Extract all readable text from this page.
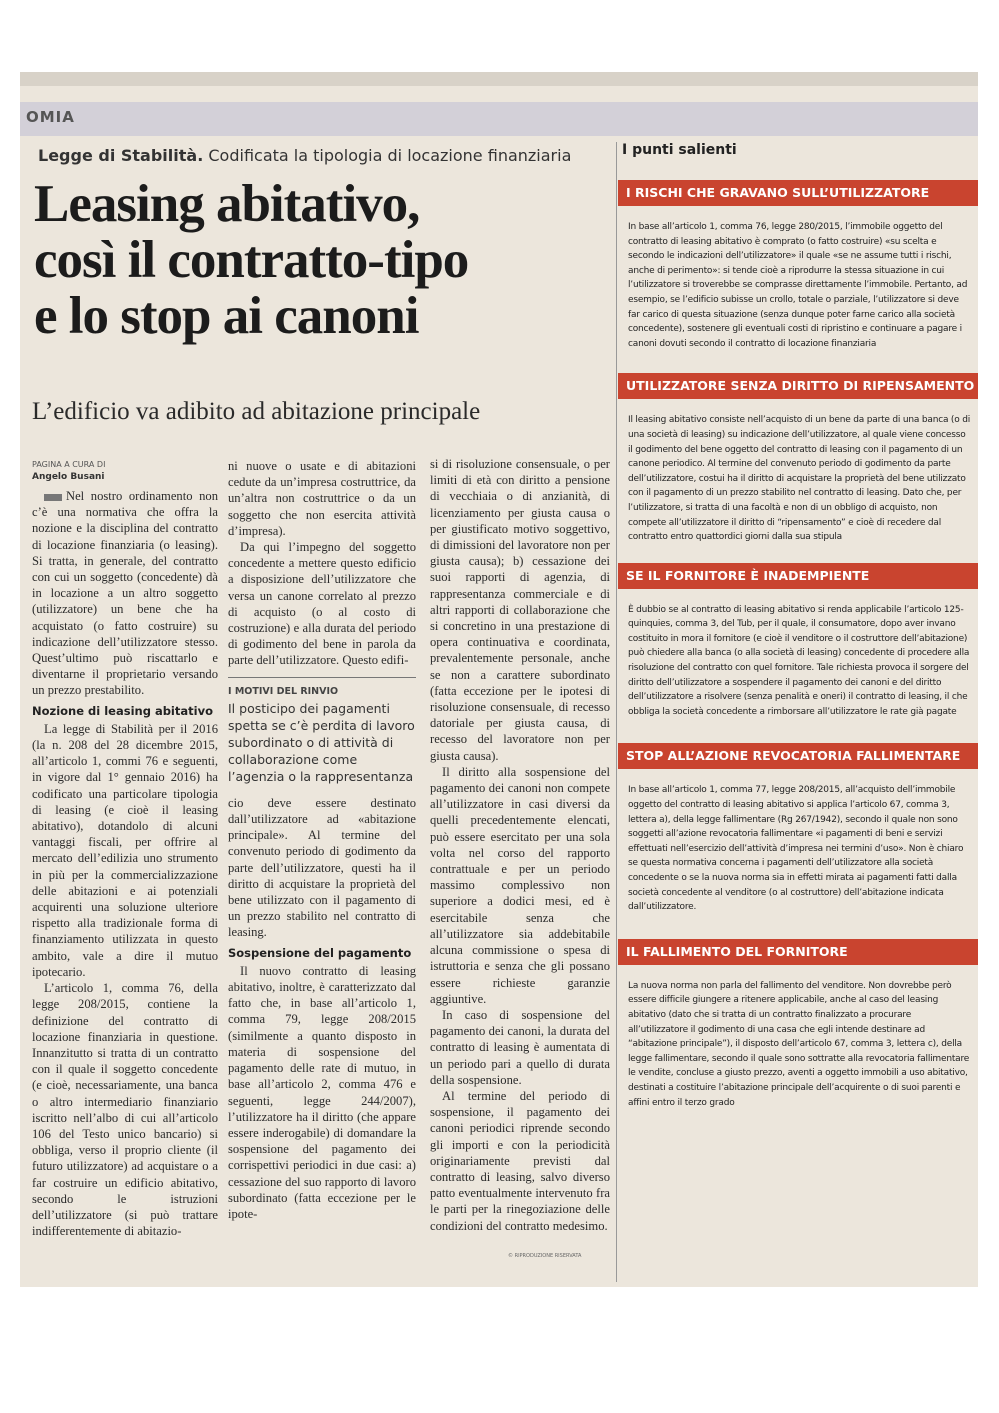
OMIA
Legge di Stabilità. Codificata la tipologia di locazione finanziaria
Leasing abitativo,
così il contratto-tipo
e lo stop ai canoni
L’edificio va adibito ad abitazione principale
PAGINA A CURA DI
Angelo Busani

Nel nostro ordinamento non c’è una normativa che offra la nozione e la disciplina del contratto di locazione finanziaria (o leasing). Si tratta, in generale, del contratto con cui un soggetto (concedente) dà in locazione a un altro soggetto (utilizzatore) un bene che ha acquistato (o fatto costruire) su indicazione dell’utilizzatore stesso. Quest’ultimo può riscattarlo e diventarne il proprietario versando un prezzo prestabilito.

Nozione di leasing abitativo

La legge di Stabilità per il 2016 (la n. 208 del 28 dicembre 2015, all’articolo 1, commi 76 e seguenti, in vigore dal 1° gennaio 2016) ha codificato una particolare tipologia di leasing (e cioè il leasing abitativo), dotandolo di alcuni vantaggi fiscali, per offrire al mercato dell’edilizia uno strumento in più per la commercializzazione delle abitazioni e ai potenziali acquirenti una soluzione ulteriore rispetto alla tradizionale forma di finanziamento utilizzata in questo ambito, vale a dire il mutuo ipotecario.

L’articolo 1, comma 76, della legge 208/2015, contiene la definizione del contratto di locazione finanziaria in questione. Innanzitutto si tratta di un contratto con il quale il soggetto concedente (e cioè, necessariamente, una banca o altro intermediario finanziario iscritto nell’albo di cui all’articolo 106 del Testo unico bancario) si obbliga, verso il proprio cliente (il futuro utilizzatore) ad acquistare o a far costruire un edificio abitativo, secondo le istruzioni dell’utilizzatore (si può trattare indifferentemente di abitazio-

ni nuove o usate e di abitazioni cedute da un’impresa costruttrice, da un’altra non costruttrice o da un soggetto che non esercita attività d’impresa).

Da qui l’impegno del soggetto concedente a mettere questo edificio a disposizione dell’utilizzatore che versa un canone correlato al prezzo di acquisto (o al costo di costruzione) e alla durata del periodo di godimento del bene in parola da parte dell’utilizzatore. Questo edifi-

I MOTIVI DEL RINVIO
Il posticipo dei pagamenti spetta se c’è perdita di lavoro subordinato o di attività di collaborazione come l’agenzia o la rappresentanza

cio deve essere destinato dall’utilizzatore ad «abitazione principale». Al termine del convenuto periodo di godimento da parte dell’utilizzatore, questi ha il diritto di acquistare la proprietà del bene utilizzato con il pagamento di un prezzo stabilito nel contratto di leasing.

Sospensione del pagamento

Il nuovo contratto di leasing abitativo, inoltre, è caratterizzato dal fatto che, in base all’articolo 1, comma 79, legge 208/2015 (similmente a quanto disposto in materia di sospensione del pagamento delle rate di mutuo, in base all’articolo 2, comma 476 e seguenti, legge 244/2007), l’utilizzatore ha il diritto (che appare essere inderogabile) di domandare la sospensione del pagamento dei corrispettivi periodici in due casi: a) cessazione del suo rapporto di lavoro subordinato (fatta eccezione per le ipote-

si di risoluzione consensuale, o per limiti di età con diritto a pensione di vecchiaia o di anzianità, di licenziamento per giusta causa o per giustificato motivo soggettivo, di dimissioni del lavoratore non per giusta causa); b) cessazione dei suoi rapporti di agenzia, di rappresentanza commerciale e di altri rapporti di collaborazione che si concretino in una prestazione di opera continuativa e coordinata, prevalentemente personale, anche se non a carattere subordinato (fatta eccezione per le ipotesi di risoluzione consensuale, di recesso datoriale per giusta causa, di recesso del lavoratore non per giusta causa).

Il diritto alla sospensione del pagamento dei canoni non compete all’utilizzatore in casi diversi da quelli precedentemente elencati, può essere esercitato per una sola volta nel corso del rapporto contrattuale e per un periodo massimo complessivo non superiore a dodici mesi, ed è esercitabile senza che all’utilizzatore sia addebitabile alcuna commissione o spesa di istruttoria e senza che gli possano essere richieste garanzie aggiuntive.

In caso di sospensione del pagamento dei canoni, la durata del contratto di leasing è aumentata di un periodo pari a quello di durata della sospensione.

Al termine del periodo di sospensione, il pagamento dei canoni periodici riprende secondo gli importi e con la periodicità originariamente previsti dal contratto di leasing, salvo diverso patto eventualmente intervenuto fra le parti per la rinegoziazione delle condizioni del contratto medesimo.

© RIPRODUZIONE RISERVATA
I punti salienti
I RISCHI CHE GRAVANO SULL’UTILIZZATORE
In base all’articolo 1, comma 76, legge 280/2015, l’immobile oggetto del contratto di leasing abitativo è comprato (o fatto costruire) «su scelta e secondo le indicazioni dell’utilizzatore» il quale «se ne assume tutti i rischi, anche di perimento»: si tende cioè a riprodurre la stessa situazione in cui l’utilizzatore si troverebbe se comprasse direttamente l’immobile. Pertanto, ad esempio, se l’edificio subisse un crollo, totale o parziale, l’utilizzatore si deve far carico di questa situazione (senza dunque poter farne carico alla società concedente), sostenere gli eventuali costi di ripristino e continuare a pagare i canoni dovuti secondo il contratto di locazione finanziaria
UTILIZZATORE SENZA DIRITTO DI RIPENSAMENTO
Il leasing abitativo consiste nell’acquisto di un bene da parte di una banca (o di una società di leasing) su indicazione dell’utilizzatore, al quale viene concesso il godimento del bene oggetto del contratto di leasing con il pagamento di un canone periodico. Al termine del convenuto periodo di godimento da parte dell’utilizzatore, costui ha il diritto di acquistare la proprietà del bene utilizzato con il pagamento di un prezzo stabilito nel contratto di leasing. Dato che, per l’utilizzatore, si tratta di una facoltà e non di un obbligo di acquisto, non compete all’utilizzatore il diritto di “ripensamento” e cioè di recedere dal contratto entro quattordici giorni dalla sua stipula
SE IL FORNITORE È INADEMPIENTE
È dubbio se al contratto di leasing abitativo si renda applicabile l’articolo 125-quinquies, comma 3, del Tub, per il quale, il consumatore, dopo aver invano costituito in mora il fornitore (e cioè il venditore o il costruttore dell’abitazione) può chiedere alla banca (o alla società di leasing) concedente di procedere alla risoluzione del contratto con quel fornitore. Tale richiesta provoca il sorgere del diritto dell’utilizzatore a sospendere il pagamento dei canoni e del diritto dell’utilizzatore a risolvere (senza penalità e oneri) il contratto di leasing, il che obbliga la società concedente a rimborsare all’utilizzatore le rate già pagate
STOP ALL’AZIONE REVOCATORIA FALLIMENTARE
In base all’articolo 1, comma 77, legge 208/2015, all’acquisto dell’immobile oggetto del contratto di leasing abitativo si applica l’articolo 67, comma 3, lettera a), della legge fallimentare (Rg 267/1942), secondo il quale non sono soggetti all’azione revocatoria fallimentare «i pagamenti di beni e servizi effettuati nell’esercizio dell’attività d’impresa nei termini d’uso». Non è chiaro se questa normativa concerna i pagamenti dell’utilizzatore alla società concedente o se la nuova norma sia in effetti mirata ai pagamenti fatti dalla società concedente al venditore (o al costruttore) dell’abitazione indicata dall’utilizzatore.
IL FALLIMENTO DEL FORNITORE
La nuova norma non parla del fallimento del venditore. Non dovrebbe però essere difficile giungere a ritenere applicabile, anche al caso del leasing abitativo (dato che si tratta di un contratto finalizzato a procurare all’utilizzatore il godimento di una casa che egli intende destinare ad “abitazione principale”), il disposto dell’articolo 67, comma 3, lettera c), della legge fallimentare, secondo il quale sono sottratte alla revocatoria fallimentare le vendite, concluse a giusto prezzo, aventi a oggetto immobili a uso abitativo, destinati a costituire l’abitazione principale dell’acquirente o di suoi parenti e affini entro il terzo grado
